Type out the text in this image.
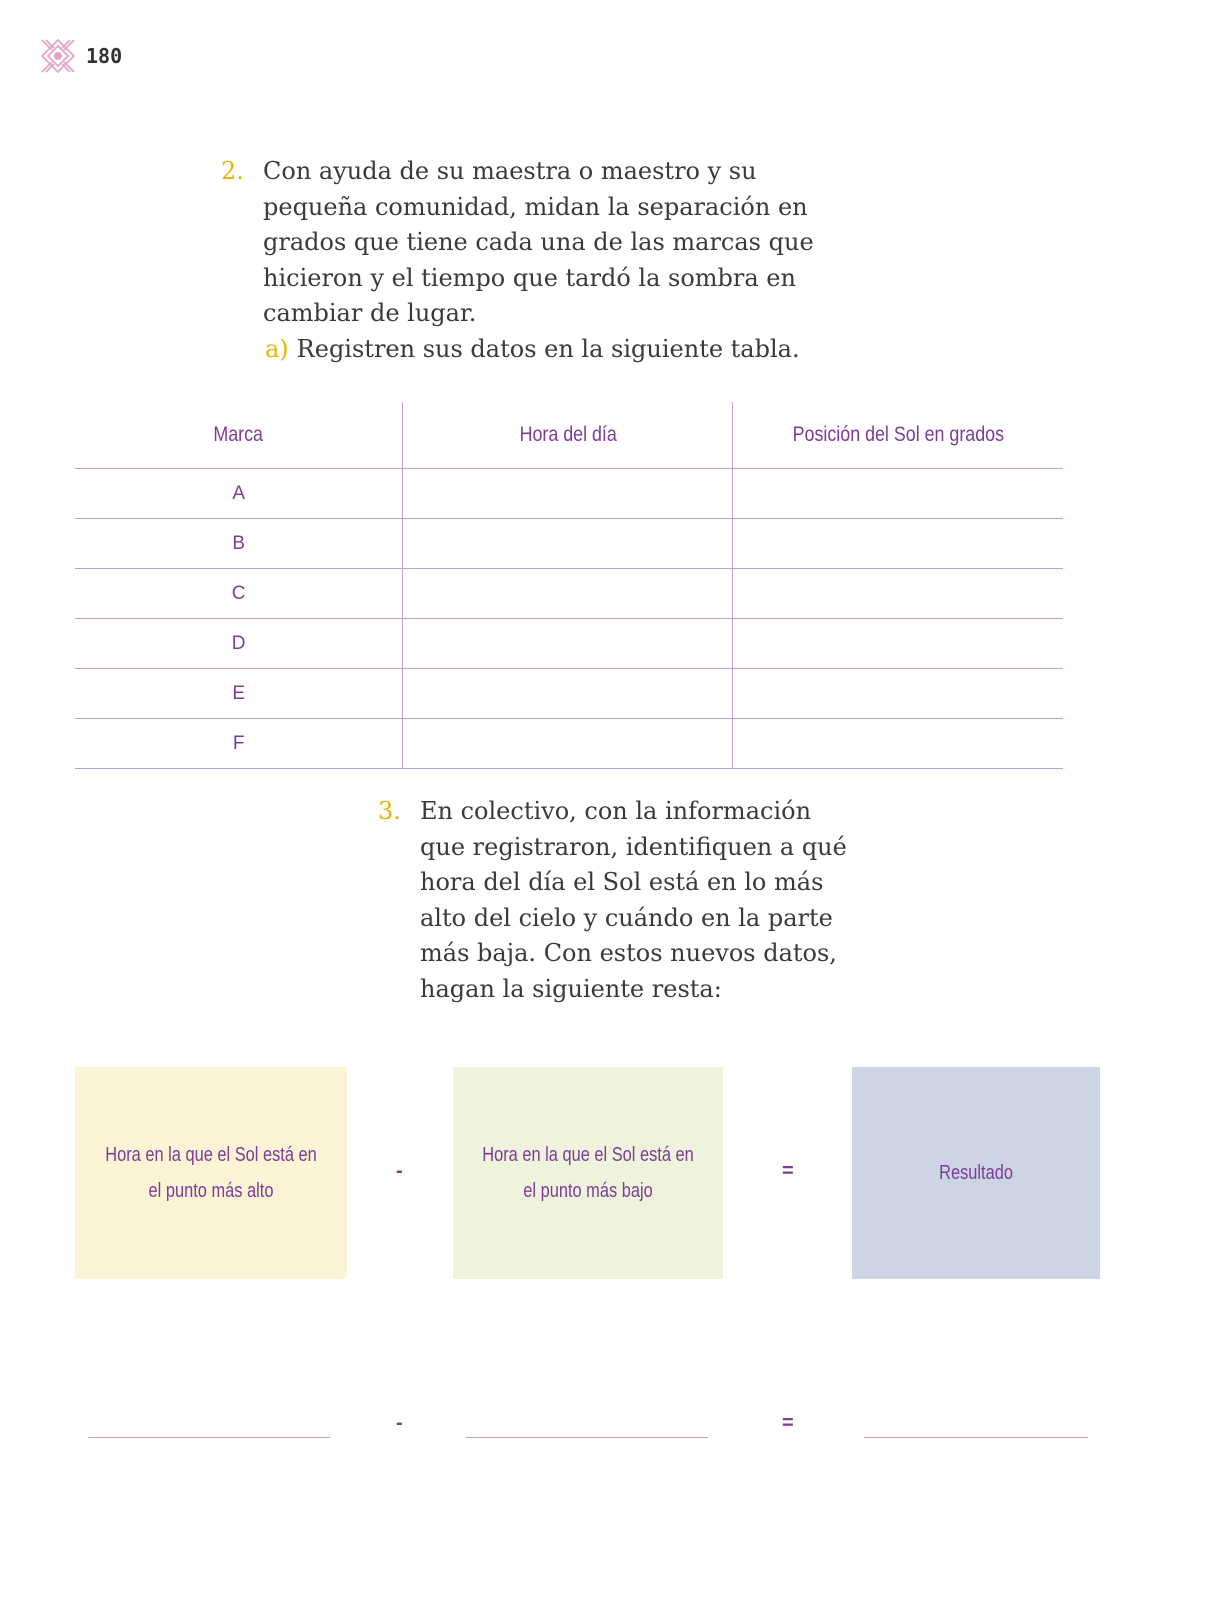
180
2. Con ayuda de su maestra o maestro y su pequeña comunidad, midan la separación en grados que tiene cada una de las marcas que hicieron y el tiempo que tardó la sombra en cambiar de lugar.
a) Registren sus datos en la siguiente tabla.
Marca	Hora del día	Posición del Sol en grados
A		
B		
C		
D		
E		
F		
3. En colectivo, con la información que registraron, identifiquen a qué hora del día el Sol está en lo más alto del cielo y cuándo en la parte más baja. Con estos nuevos datos, hagan la siguiente resta:
Hora en la que el Sol está en el punto más alto
-
Hora en la que el Sol está en el punto más bajo
=	Resultado
-	=
